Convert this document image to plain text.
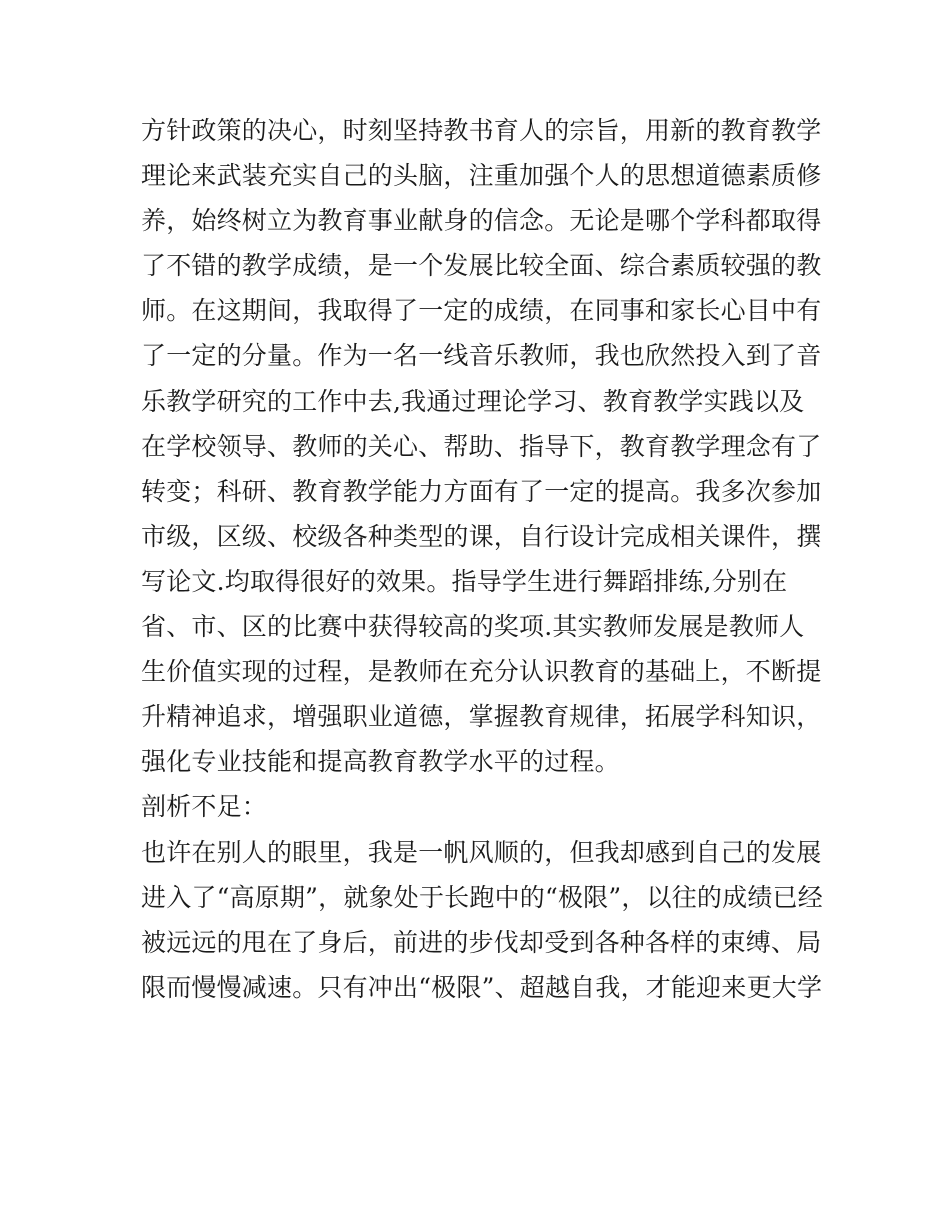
方针政策的决心，时刻坚持教书育人的宗旨，用新的教育教学
理论来武装充实自己的头脑，注重加强个人的思想道德素质修
养，始终树立为教育事业献身的信念。无论是哪个学科都取得
了不错的教学成绩，是一个发展比较全面、综合素质较强的教
师。在这期间，我取得了一定的成绩，在同事和家长心目中有
了一定的分量。作为一名一线音乐教师，我也欣然投入到了音
乐教学研究的工作中去,我通过理论学习、教育教学实践以及
在学校领导、教师的关心、帮助、指导下，教育教学理念有了
转变；科研、教育教学能力方面有了一定的提高。我多次参加
市级，区级、校级各种类型的课，自行设计完成相关课件，撰
写论文.均取得很好的效果。指导学生进行舞蹈排练,分别在
省、市、区的比赛中获得较高的奖项.其实教师发展是教师人
生价值实现的过程，是教师在充分认识教育的基础上，不断提
升精神追求，增强职业道德，掌握教育规律，拓展学科知识，
强化专业技能和提高教育教学水平的过程。
剖析不足：
也许在别人的眼里，我是一帆风顺的，但我却感到自己的发展
进入了“高原期”，就象处于长跑中的“极限”，以往的成绩已经
被远远的甩在了身后，前进的步伐却受到各种各样的束缚、局
限而慢慢减速。只有冲出“极限”、超越自我，才能迎来更大学
